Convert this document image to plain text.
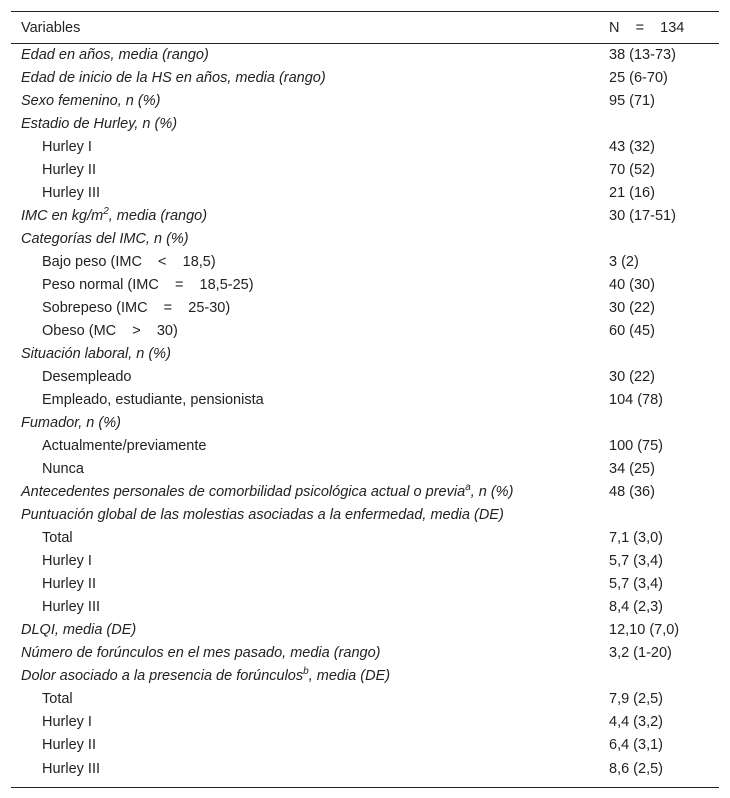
Variables	N    =    134
Edad en años, media (rango)	38 (13-73)
Edad de inicio de la HS en años, media (rango)	25 (6-70)
Sexo femenino, n (%)	95 (71)
Estadio de Hurley, n (%)	
Hurley I	43 (32)
Hurley II	70 (52)
Hurley III	21 (16)
IMC en $kg/m^2$, media (rango)	30 (17-51)
Categorías del IMC, n (%)	
Bajo peso (IMC    <    18,5)	3 (2)
Peso normal (IMC    =    18,5-25)	40 (30)
Sobrepeso (IMC    =    25-30)	30 (22)
Obeso (MC    >    30)	60 (45)
Situación laboral, n (%)	
Desempleado	30 (22)
Empleado, estudiante, pensionista	104 (78)
Fumador, n (%)	
Actualmente/previamente	100 (75)
Nunca	34 (25)
Antecedentes personales de comorbilidad psicológica actual o previa$^a$, n (%)	48 (36)
Puntuación global de las molestias asociadas a la enfermedad, media (DE)	
Total	7,1 (3,0)
Hurley I	5,7 (3,4)
Hurley II	5,7 (3,4)
Hurley III	8,4 (2,3)
DLQI, media (DE)	12,10 (7,0)
Número de forúnculos en el mes pasado, media (rango)	3,2 (1-20)
Dolor asociado a la presencia de forúnculos$^b$, media (DE)	
Total	7,9 (2,5)
Hurley I	4,4 (3,2)
Hurley II	6,4 (3,1)
Hurley III	8,6 (2,5)
